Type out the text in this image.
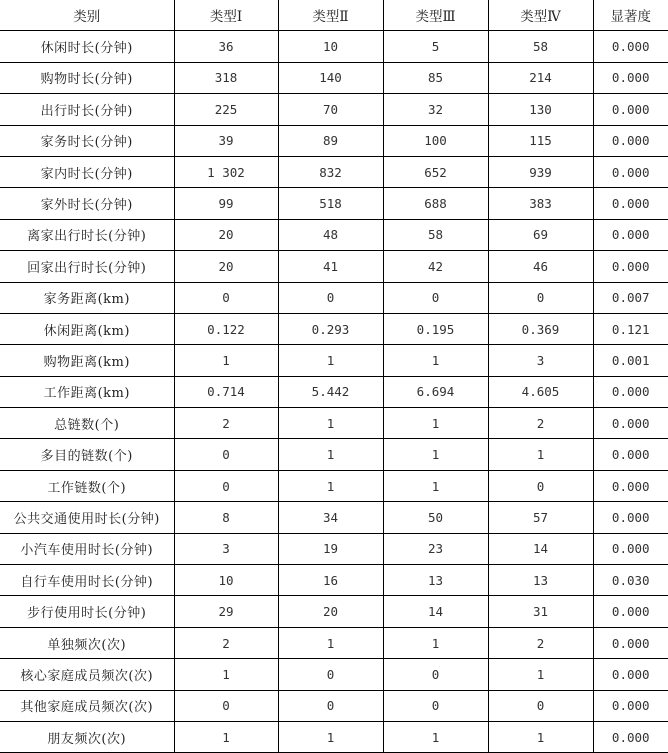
类别	类型Ⅰ	类型Ⅱ	类型Ⅲ	类型Ⅳ	显著度
休闲时长(分钟)	36	10	5	58	0.000
购物时长(分钟)	318	140	85	214	0.000
出行时长(分钟)	225	70	32	130	0.000
家务时长(分钟)	39	89	100	115	0.000
家内时长(分钟)	1 302	832	652	939	0.000
家外时长(分钟)	99	518	688	383	0.000
离家出行时长(分钟)	20	48	58	69	0.000
回家出行时长(分钟)	20	41	42	46	0.000
家务距离(km)	0	0	0	0	0.007
休闲距离(km)	0.122	0.293	0.195	0.369	0.121
购物距离(km)	1	1	1	3	0.001
工作距离(km)	0.714	5.442	6.694	4.605	0.000
总链数(个)	2	1	1	2	0.000
多目的链数(个)	0	1	1	1	0.000
工作链数(个)	0	1	1	0	0.000
公共交通使用时长(分钟)	8	34	50	57	0.000
小汽车使用时长(分钟)	3	19	23	14	0.000
自行车使用时长(分钟)	10	16	13	13	0.030
步行使用时长(分钟)	29	20	14	31	0.000
单独频次(次)	2	1	1	2	0.000
核心家庭成员频次(次)	1	0	0	1	0.000
其他家庭成员频次(次)	0	0	0	0	0.000
朋友频次(次)	1	1	1	1	0.000
